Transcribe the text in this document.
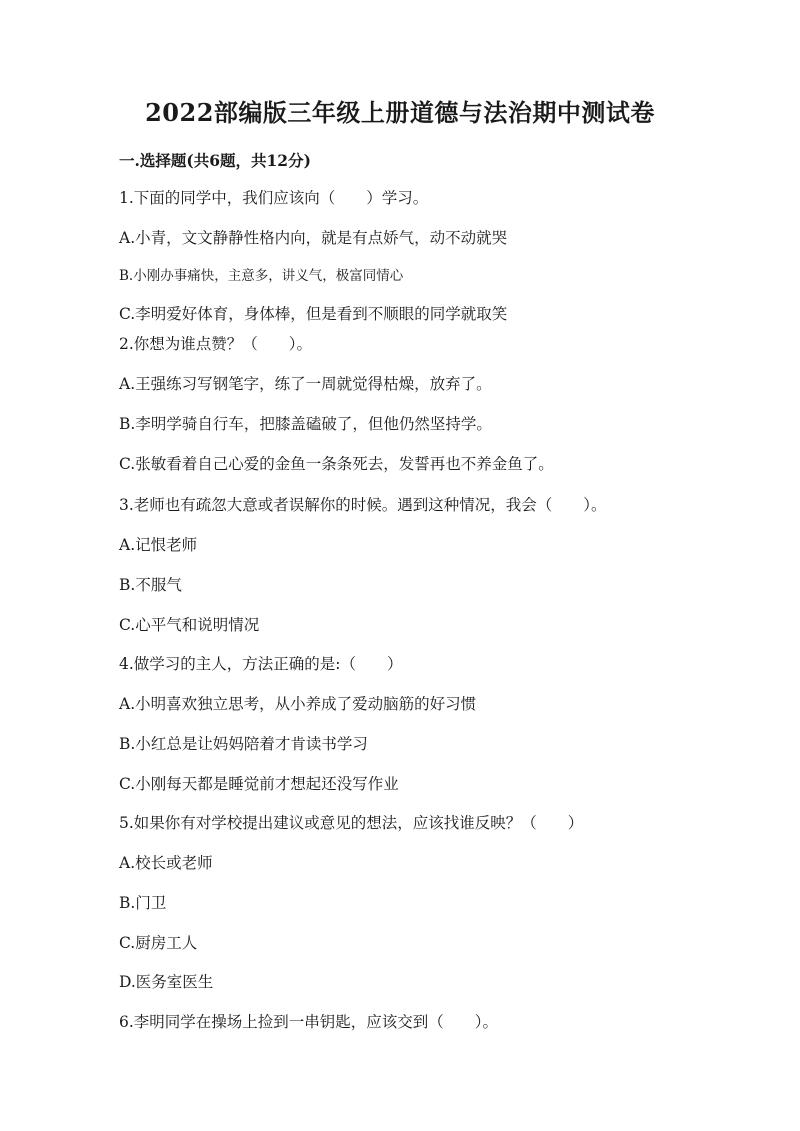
2022部编版三年级上册道德与法治期中测试卷
一.选择题(共6题，共12分)
1.下面的同学中，我们应该向（　　）学习。
A.小青，文文静静性格内向，就是有点娇气，动不动就哭
B.小刚办事痛快，主意多，讲义气，极富同情心
C.李明爱好体育，身体棒，但是看到不顺眼的同学就取笑
2.你想为谁点赞？（　　）。
A.王强练习写钢笔字，练了一周就觉得枯燥，放弃了。
B.李明学骑自行车，把膝盖磕破了，但他仍然坚持学。
C.张敏看着自己心爱的金鱼一条条死去，发誓再也不养金鱼了。
3.老师也有疏忽大意或者误解你的时候。遇到这种情况，我会（　　）。
A.记恨老师
B.不服气
C.心平气和说明情况
4.做学习的主人，方法正确的是:（　　）
A.小明喜欢独立思考，从小养成了爱动脑筋的好习惯
B.小红总是让妈妈陪着才肯读书学习
C.小刚每天都是睡觉前才想起还没写作业
5.如果你有对学校提出建议或意见的想法，应该找谁反映？（　　）
A.校长或老师
B.门卫
C.厨房工人
D.医务室医生
6.李明同学在操场上捡到一串钥匙，应该交到（　　）。
